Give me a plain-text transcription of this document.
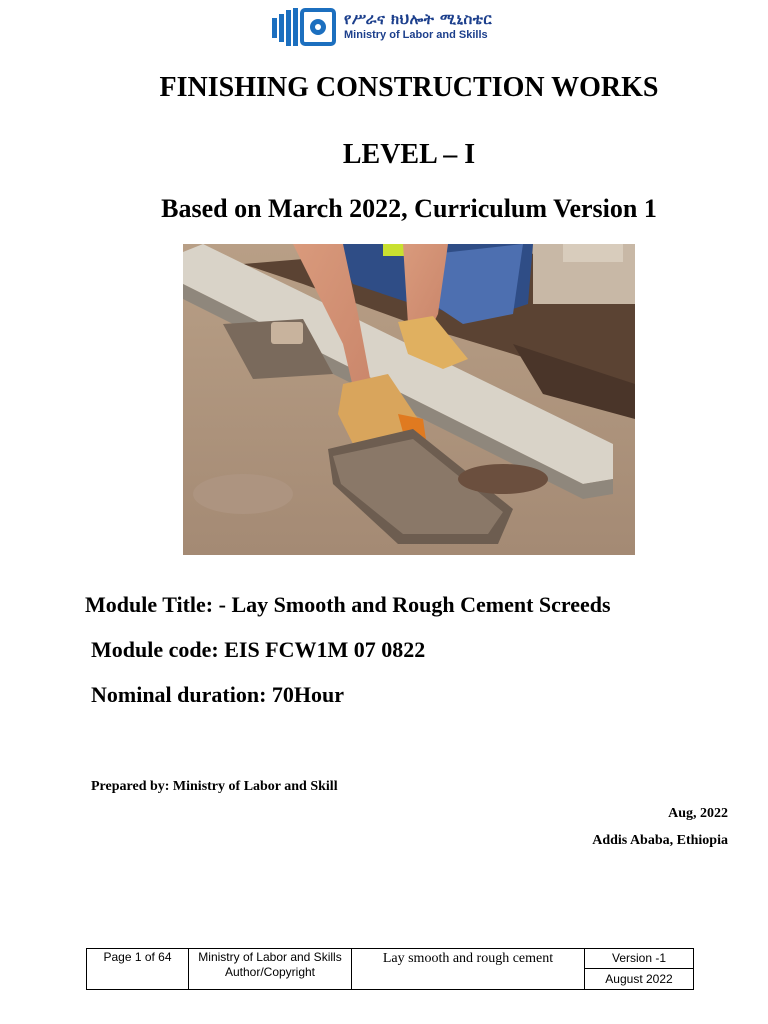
የሥራና ክህሎት ሚኒስቴር
Ministry of Labor and Skills
FINISHING CONSTRUCTION WORKS
LEVEL – I
Based on March 2022, Curriculum Version 1
Module Title: - Lay Smooth and Rough Cement Screeds
Module code: EIS FCW1M 07 0822
Nominal duration: 70Hour
Prepared by: Ministry of Labor and Skill
Aug, 2022
Addis Ababa, Ethiopia
Page 1 of 64	Ministry of Labor and Skills
Author/Copyright
Lay smooth and rough cement	Version -1
August 2022
